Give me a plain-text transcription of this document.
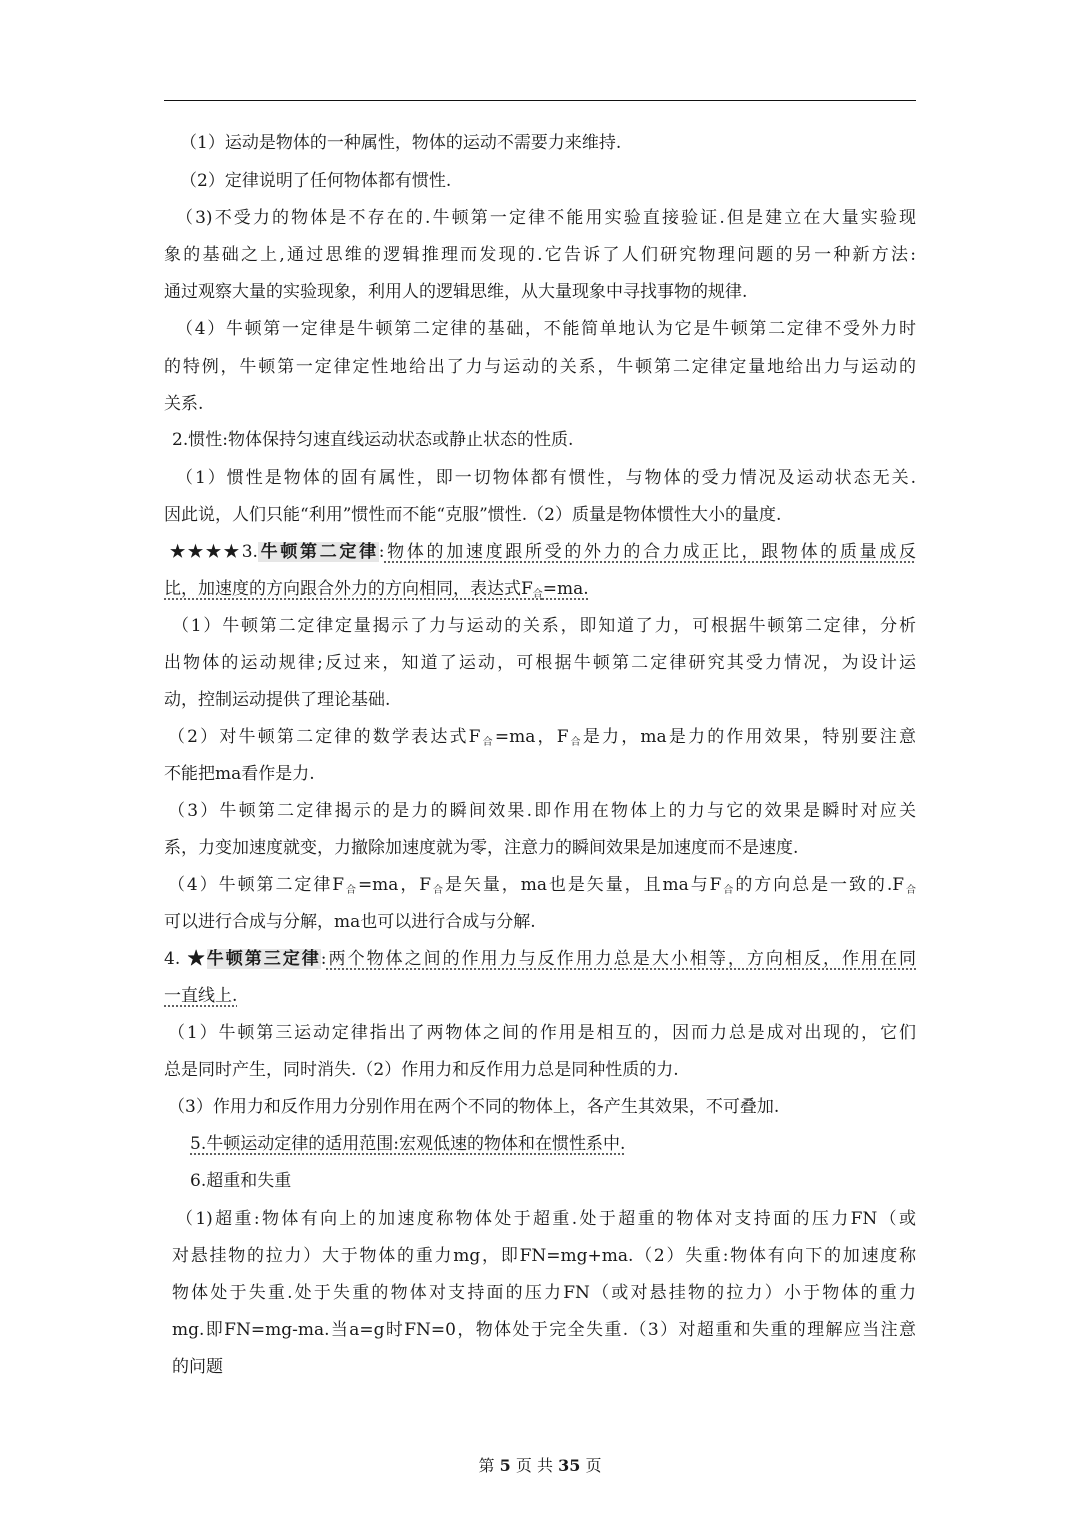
（1）运动是物体的一种属性，物体的运动不需要力来维持.
（2）定律说明了任何物体都有惯性.
（3)不受力的物体是不存在的.牛顿第一定律不能用实验直接验证.但是建立在大量实验现
象的基础之上,通过思维的逻辑推理而发现的.它告诉了人们研究物理问题的另一种新方法:
通过观察大量的实验现象，利用人的逻辑思维，从大量现象中寻找事物的规律.
（4）牛顿第一定律是牛顿第二定律的基础，不能简单地认为它是牛顿第二定律不受外力时
的特例，牛顿第一定律定性地给出了力与运动的关系，牛顿第二定律定量地给出力与运动的
关系.
2.惯性:物体保持匀速直线运动状态或静止状态的性质.
（1）惯性是物体的固有属性，即一切物体都有惯性，与物体的受力情况及运动状态无关.
因此说，人们只能“利用”惯性而不能“克服”惯性.（2）质量是物体惯性大小的量度.
★★★★3.牛顿第二定律:物体的加速度跟所受的外力的合力成正比，跟物体的质量成反
比，加速度的方向跟合外力的方向相同，表达式$F_合=ma$.
（1）牛顿第二定律定量揭示了力与运动的关系，即知道了力，可根据牛顿第二定律，分析
出物体的运动规律;反过来，知道了运动，可根据牛顿第二定律研究其受力情况，为设计运
动，控制运动提供了理论基础.
（2）对牛顿第二定律的数学表达式$F_合=ma$，$F_合$是力，ma是力的作用效果，特别要注意
不能把ma看作是力.
（3）牛顿第二定律揭示的是力的瞬间效果.即作用在物体上的力与它的效果是瞬时对应关
系，力变加速度就变，力撤除加速度就为零，注意力的瞬间效果是加速度而不是速度.
（4）牛顿第二定律$F_合=ma$，$F_合$是矢量，ma也是矢量，且ma与$F_合$的方向总是一致的$.F_合$
可以进行合成与分解，ma也可以进行合成与分解.
4. ★牛顿第三定律:两个物体之间的作用力与反作用力总是大小相等，方向相反，作用在同
一直线上.
（1）牛顿第三运动定律指出了两物体之间的作用是相互的，因而力总是成对出现的，它们
总是同时产生，同时消失.（2）作用力和反作用力总是同种性质的力.
（3）作用力和反作用力分别作用在两个不同的物体上，各产生其效果，不可叠加.
5.牛顿运动定律的适用范围:宏观低速的物体和在惯性系中.
6.超重和失重
（1)超重:物体有向上的加速度称物体处于超重.处于超重的物体对支持面的压力FN（或
对悬挂物的拉力）大于物体的重力mg，即FN=mg+ma.（2）失重:物体有向下的加速度称
物体处于失重.处于失重的物体对支持面的压力FN（或对悬挂物的拉力）小于物体的重力
mg.即FN=mg-ma.当a=g时FN=0，物体处于完全失重.（3）对超重和失重的理解应当注意
的问题
第 5 页 共 35 页
